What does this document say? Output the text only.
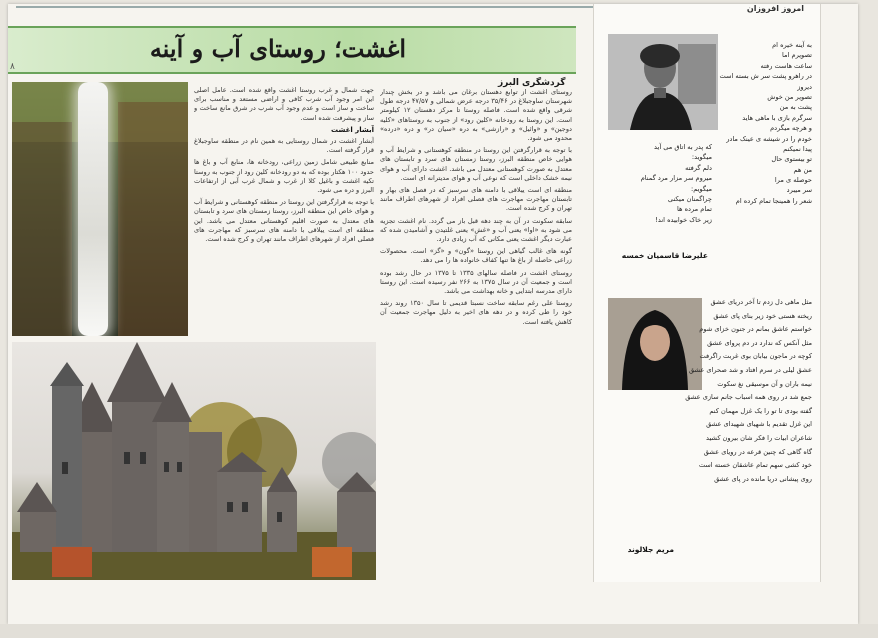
اغشت؛ روستای آب و آینه
۸

جهت شمال و غرب روستا اغشت واقع شده است. عامل اصلی این امر وجود آب شرب کافی و اراضی مستعد و مناسب برای ساخت و ساز است و عدم وجود آب شرب در شرق مانع ساخت و ساز و پیشرفت شده است.

آبشار اغشت

آبشار اغشت در شمال روستایی به همین نام در منطقه ساوجبلاغ قرار گرفته است.

منابع طبیعی شامل زمین زراعی، رودخانه ها، منابع آب و باغ ها حدود ۱۰۰ هکتار بوده که به دو رودخانه کلین رود از جنوب به روستا تکیه اغشت و باغیل کلا از غرب و شمال غرب آبی از ارتفاعات البرز و دره می شود.

با توجه به قرارگرفتن این روستا در منطقه کوهستانی و شرایط آب و هوای خاص این منطقه البرز، روستا زمستان های سرد و تابستان های معتدل به صورت اقلیم کوهستانی معتدل می باشد. این منطقه ای است ییلاقی با دامنه های سرسبز که مهاجرت های فصلی افراد از شهرهای اطراف مانند تهران و کرج شده است.

گردشگری البرز

روستای اغشت از توابع دهستان برغان می باشد و در بخش چندار شهرستان ساوجبلاغ در ۳۵/۴۶ درجه عرض شمالی و ۴۷/۵۷ درجه طول شرقی واقع شده است. فاصله روستا تا مرکز دهستان ۱۲ کیلومتر است. این روستا به رودخانه «کلین رود» از جنوب به روستاهای «کلیه دوجین» و «وائیل» و «رازشی» به دره «سیان در» و دره «درده» محدود می شود.

با توجه به قرارگرفتن این روستا در منطقه کوهستانی و شرایط آب و هوایی خاص منطقه البرز، روستا زمستان های سرد و تابستان های معتدل به صورت کوهستانی معتدل می باشد. اغشت دارای آب و هوای نیمه خشک داخلی است که نوعی آب و هوای مدیترانه ای است.

منطقه ای است ییلاقی با دامنه های سرسبز که در فصل های بهار و تابستان مهاجرت مهاجرت های فصلی افراد از شهرهای اطراف مانند تهران و کرج شده است.

سابقه سکونت در آن به چند دهه قبل باز می گردد. نام اغشت تجزیه می شود به «اوا» یعنی آب و «غش» یعنی غلتیدن و آشامیدن شده که عبارت دیگر اغشت یعنی مکانی که آب زیادی دارد.

گونه های غالب گیاهی این روستا «گون» و «گز» است. محصولات زراعی حاصله از باغ ها تنها کفاف خانواده ها را می دهد.

روستای اغشت در فاصله سالهای ۱۳۳۵ تا ۱۳۷۵ در حال رشد بوده است و جمعیت آن در سال ۱۳۷۵ به ۲۶۶ نفر رسیده است. این روستا دارای مدرسه ابتدایی و خانه بهداشت می باشد.

روستا علی رغم سابقه ساخت نسبتا قدیمی تا سال ۱۳۵۰ روند رشد خود را طی کرده و در دهه های اخیر به دلیل مهاجرت جمعیت آن کاهش یافته است.

امروز افروزان
به آینه خیره ام
تصویرم اما
ساعت هاست رفته
در راهرو پشت سر ش بسته است
دیروز
تصویر من خوش
پشت به من
سرگرم بازی با ماهی هاید
و هرچه میگردم
خودم را در شیشه ی عینک مادر
پیدا نمیکنم
تو بیستوی حال
من هم
حوصله ی مرا
سر میبرد
شعر را همینجا تمام کرده ام
که پدر به اتاق می آید
میگوید:
دلم گرفته
میروم سر مزار مرد گمنام
میگویم:
چراگمنان میکنی
تمام مرده ها
زیر خاک خوابیده اند!
علیرضا قاسمیان خمسه
مثل ماهی دل زدم تا آخر دریای عشق
ریخته هستی خود زیر بنای پای عشق
خواستم عاشق بمانم در جنون خزای شوم
مثل آنکس که ندارد در دم پروای عشق
کوچه در ماجون بیابان بوی غربت راگرفت
عشق لیلی در سرم افتاد و شد صحرای عشق
نیمه باران و آن موسیقی نغ سکوت
جمع شد در روی همه اسباب جانم سازی عشق
گفته بودی تا تو را یک غزل مهمان کنم
این غزل تقدیم با شهیای شهیدای عشق
شاعران ابیات را فکر شان بیرون کشید
گاه گاهی که چنین قرعه در رویای عشق
خود کشی سهم تمام عاشقان خسته است
روی پیشانی دریا مانده در پای عشق
مریم جلالوند
